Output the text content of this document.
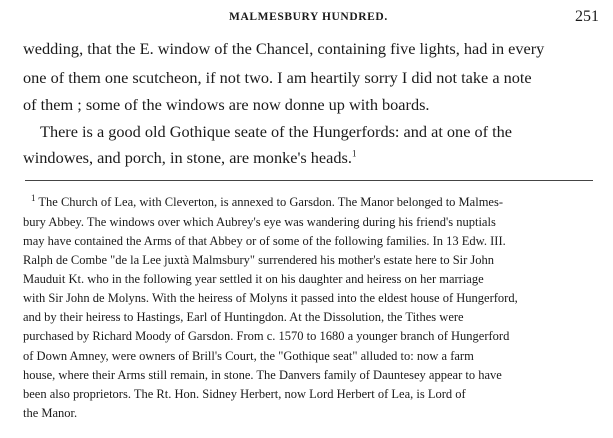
MALMESBURY HUNDRED.	251
wedding, that the E. window of the Chancel, containing five lights, had in every
one of them one scutcheon, if not two. I am heartily sorry I did not take a note
of them ; some of the windows are now donne up with boards.
There is a good old Gothique seate of the Hungerfords: and at one of the
windowes, and porch, in stone, are monke's heads.$^1$
$^1$ The Church of Lea, with Cleverton, is annexed to Garsdon. The Manor belonged to Malmes-
bury Abbey. The windows over which Aubrey's eye was wandering during his friend's nuptials
may have contained the Arms of that Abbey or of some of the following families. In 13 Edw. III.
Ralph de Combe "de la Lee juxtà Malmsbury" surrendered his mother's estate here to Sir John
Mauduit Kt. who in the following year settled it on his daughter and heiress on her marriage
with Sir John de Molyns. With the heiress of Molyns it passed into the eldest house of Hungerford,
and by their heiress to Hastings, Earl of Huntingdon. At the Dissolution, the Tithes were
purchased by Richard Moody of Garsdon. From c. 1570 to 1680 a younger branch of Hungerford
of Down Amney, were owners of Brill's Court, the "Gothique seat" alluded to: now a farm
house, where their Arms still remain, in stone. The Danvers family of Dauntesey appear to have
been also proprietors. The Rt. Hon. Sidney Herbert, now Lord Herbert of Lea, is Lord of
the Manor.
